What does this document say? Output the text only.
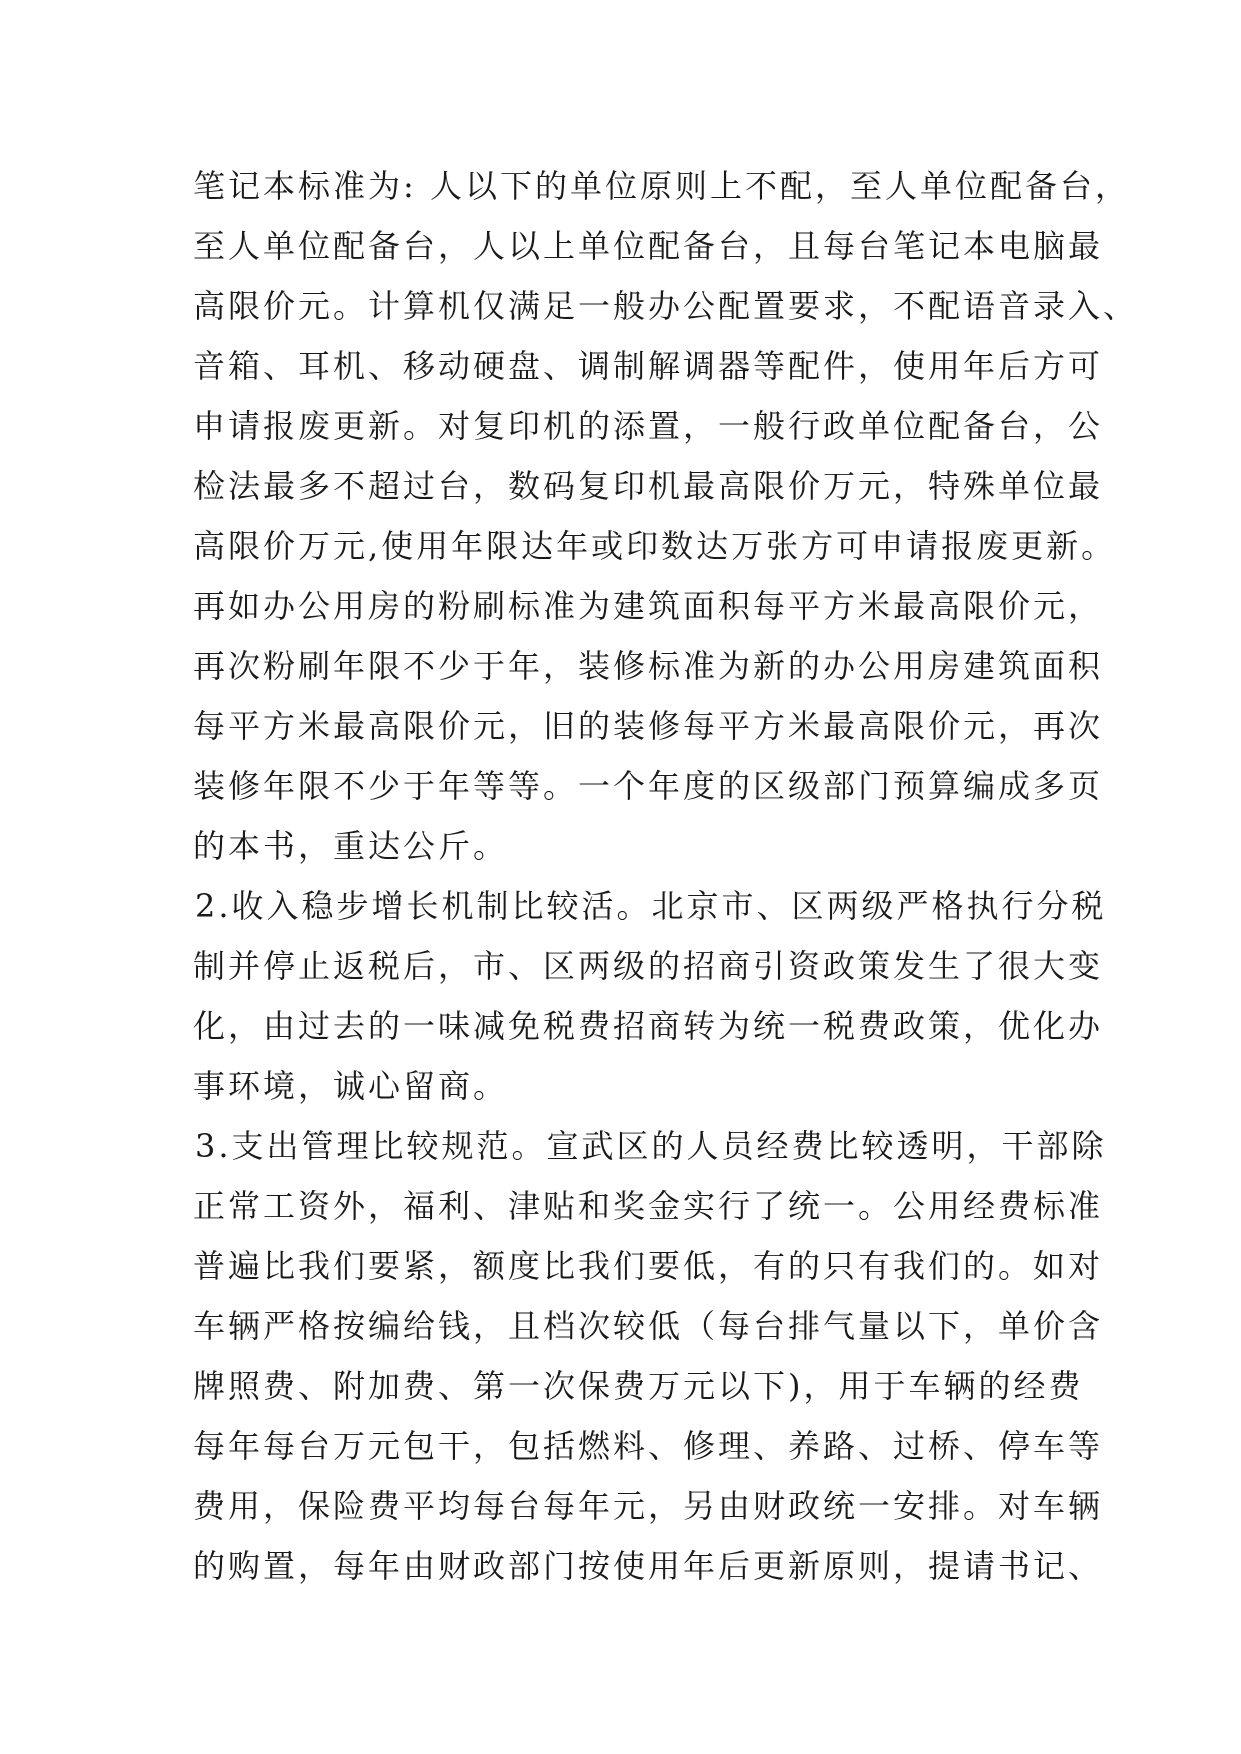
笔记本标准为: 人以下的单位原则上不配，至人单位配备台，
至人单位配备台，人以上单位配备台，且每台笔记本电脑最
高限价元。计算机仅满足一般办公配置要求，不配语音录入、
音箱、耳机、移动硬盘、调制解调器等配件，使用年后方可
申请报废更新。对复印机的添置，一般行政单位配备台，公
检法最多不超过台，数码复印机最高限价万元，特殊单位最
高限价万元,使用年限达年或印数达万张方可申请报废更新。
再如办公用房的粉刷标准为建筑面积每平方米最高限价元，
再次粉刷年限不少于年，装修标准为新的办公用房建筑面积
每平方米最高限价元，旧的装修每平方米最高限价元，再次
装修年限不少于年等等。一个年度的区级部门预算编成多页
的本书，重达公斤。
2.收入稳步增长机制比较活。北京市、区两级严格执行分税
制并停止返税后，市、区两级的招商引资政策发生了很大变
化，由过去的一味减免税费招商转为统一税费政策，优化办
事环境，诚心留商。
3.支出管理比较规范。宣武区的人员经费比较透明，干部除
正常工资外，福利、津贴和奖金实行了统一。公用经费标准
普遍比我们要紧，额度比我们要低，有的只有我们的。如对
车辆严格按编给钱，且档次较低（每台排气量以下，单价含
牌照费、附加费、第一次保费万元以下)，用于车辆的经费
每年每台万元包干，包括燃料、修理、养路、过桥、停车等
费用，保险费平均每台每年元，另由财政统一安排。对车辆
的购置，每年由财政部门按使用年后更新原则，提请书记、
